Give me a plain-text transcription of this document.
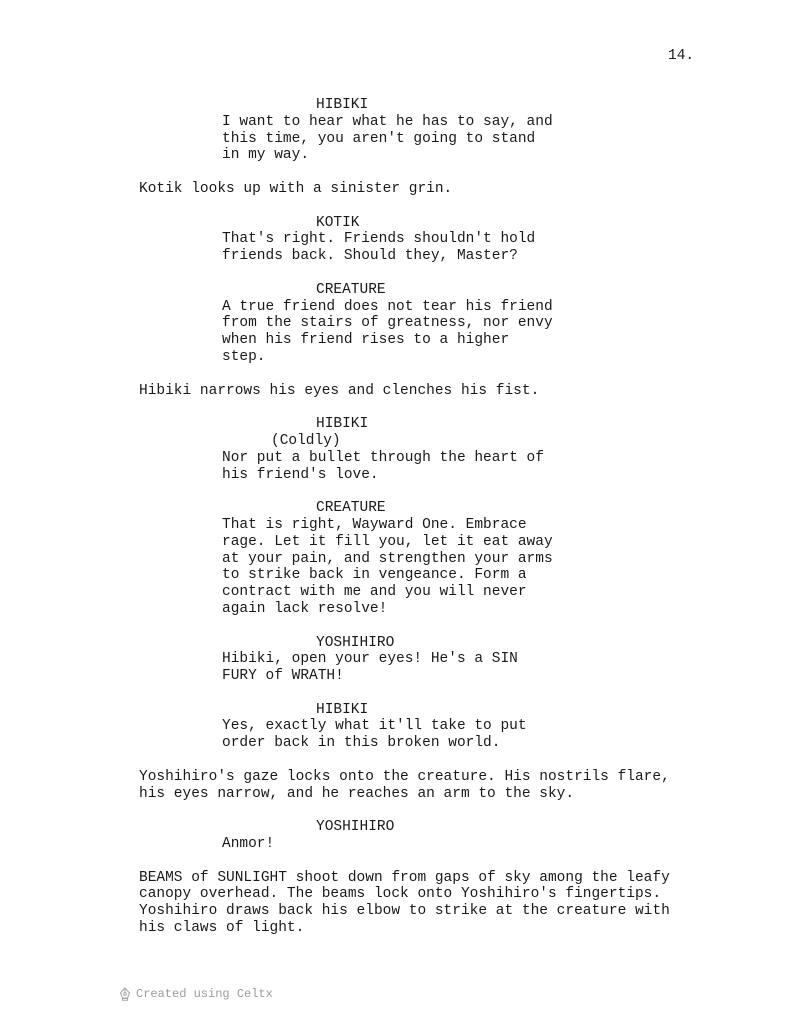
14.
HIBIKI
I want to hear what he has to say, and
this time, you aren't going to stand
in my way.
Kotik looks up with a sinister grin.
KOTIK
That's right. Friends shouldn't hold
friends back. Should they, Master?
CREATURE
A true friend does not tear his friend
from the stairs of greatness, nor envy
when his friend rises to a higher
step.
Hibiki narrows his eyes and clenches his fist.
HIBIKI
(Coldly)
Nor put a bullet through the heart of
his friend's love.
CREATURE
That is right, Wayward One. Embrace
rage. Let it fill you, let it eat away
at your pain, and strengthen your arms
to strike back in vengeance. Form a
contract with me and you will never
again lack resolve!
YOSHIHIRO
Hibiki, open your eyes! He's a SIN
FURY of WRATH!
HIBIKI
Yes, exactly what it'll take to put
order back in this broken world.
Yoshihiro's gaze locks onto the creature. His nostrils flare,
his eyes narrow, and he reaches an arm to the sky.
YOSHIHIRO
Anmor!
BEAMS of SUNLIGHT shoot down from gaps of sky among the leafy
canopy overhead. The beams lock onto Yoshihiro's fingertips.
Yoshihiro draws back his elbow to strike at the creature with
his claws of light.
Created using Celtx
